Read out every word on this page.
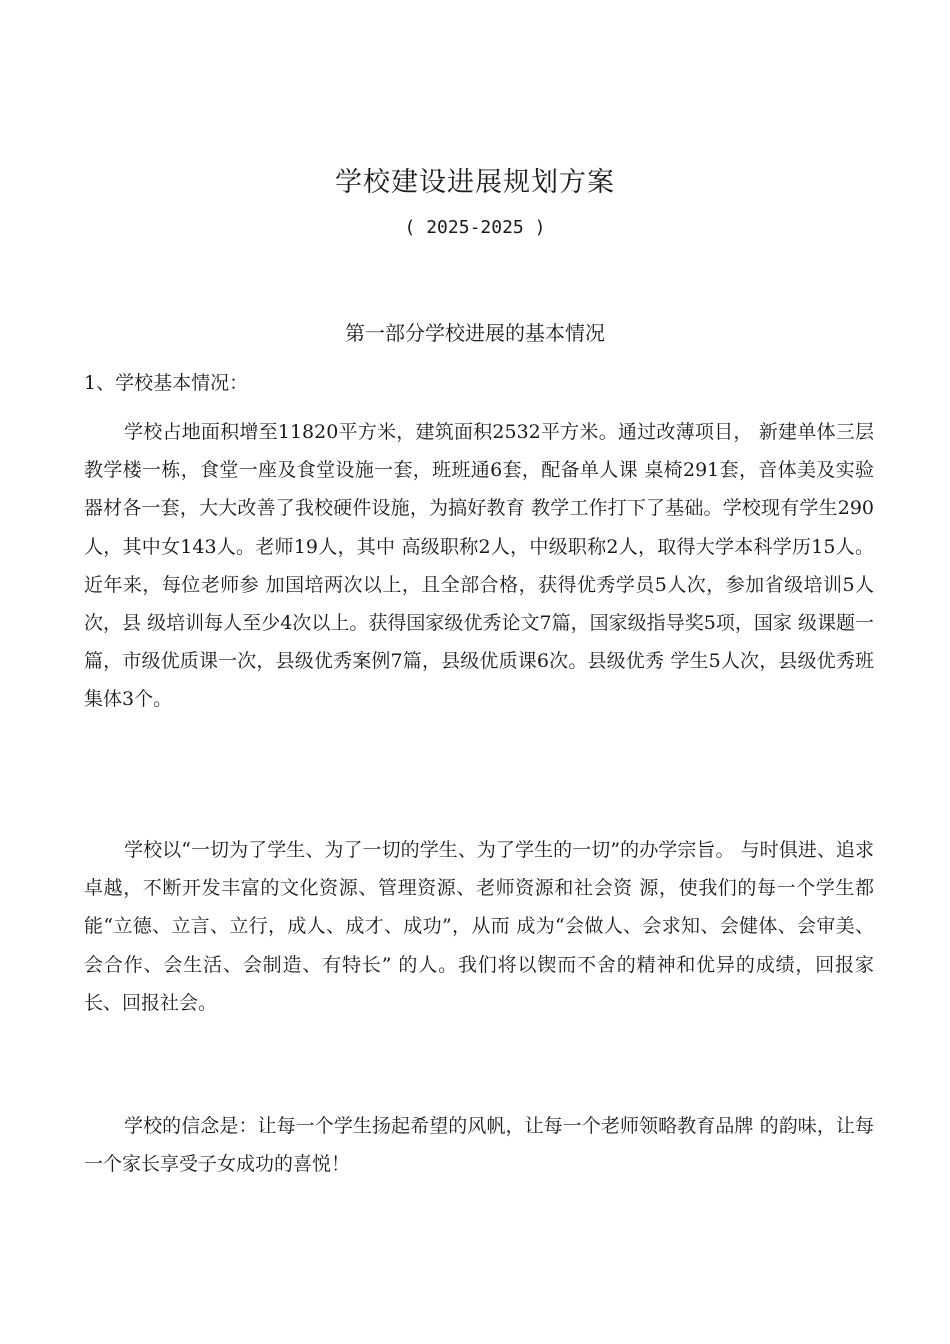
学校建设进展规划方案
( 2025-2025 )
第一部分学校进展的基本情况
1、学校基本情况：

学校占地面积增至11820平方米，建筑面积2532平方米。通过改薄项目， 新建单体三层教学楼一栋，食堂一座及食堂设施一套，班班通6套，配备单人课 桌椅291套，音体美及实验器材各一套，大大改善了我校硬件设施，为搞好教育 教学工作打下了基础。学校现有学生290人，其中女143人。老师19人，其中 高级职称2人，中级职称2人，取得大学本科学历15人。近年来，每位老师参 加国培两次以上，且全部合格，获得优秀学员5人次，参加省级培训5人次，县 级培训每人至少4次以上。获得国家级优秀论文7篇，国家级指导奖5项，国家 级课题一篇，市级优质课一次，县级优秀案例7篇，县级优质课6次。县级优秀 学生5人次，县级优秀班集体3个。

学校以“一切为了学生、为了一切的学生、为了学生的一切”的办学宗旨。 与时俱进、追求卓越，不断开发丰富的文化资源、管理资源、老师资源和社会资 源，使我们的每一个学生都能“立德、立言、立行，成人、成才、成功”，从而 成为“会做人、会求知、会健体、会审美、会合作、会生活、会制造、有特长” 的人。我们将以锲而不舍的精神和优异的成绩，回报家长、回报社会。

学校的信念是：让每一个学生扬起希望的风帆，让每一个老师领略教育品牌 的韵味，让每一个家长享受子女成功的喜悦！
